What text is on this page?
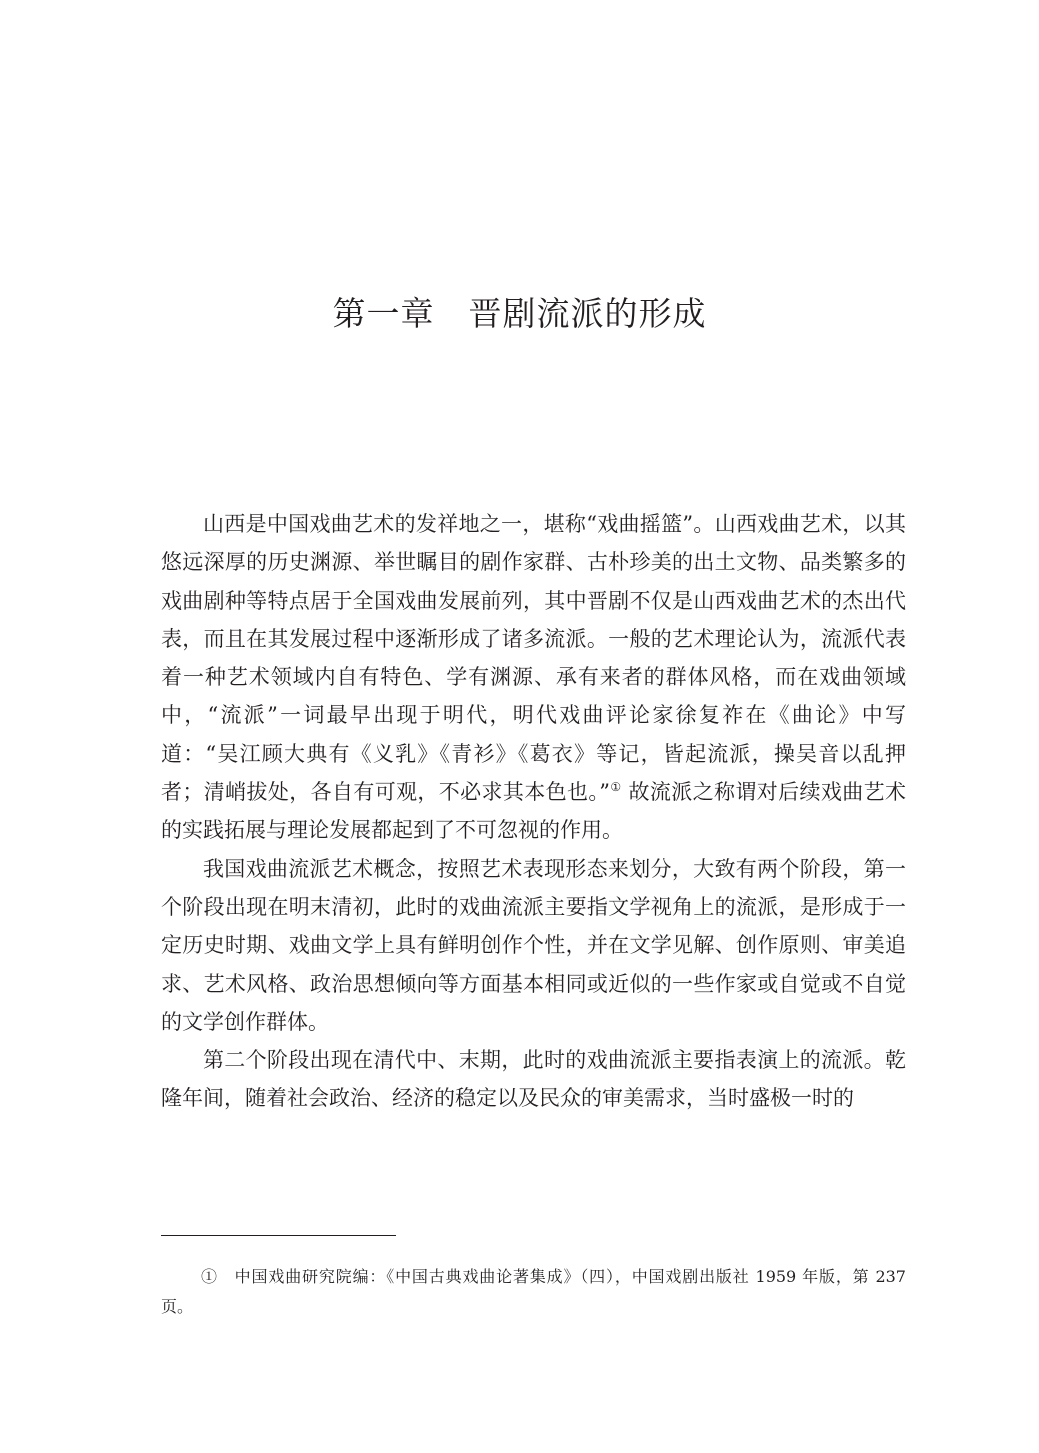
第一章　晋剧流派的形成

山西是中国戏曲艺术的发祥地之一，堪称“戏曲摇篮”。山西戏曲艺术，以其悠远深厚的历史渊源、举世瞩目的剧作家群、古朴珍美的出土文物、品类繁多的戏曲剧种等特点居于全国戏曲发展前列，其中晋剧不仅是山西戏曲艺术的杰出代表，而且在其发展过程中逐渐形成了诸多流派。一般的艺术理论认为，流派代表着一种艺术领域内自有特色、学有渊源、承有来者的群体风格，而在戏曲领域中，“流派”一词最早出现于明代，明代戏曲评论家徐复祚在《曲论》中写道：“吴江顾大典有《义乳》《青衫》《葛衣》等记，皆起流派，操吴音以乱押者；清峭拔处，各自有可观，不必求其本色也。”① 故流派之称谓对后续戏曲艺术的实践拓展与理论发展都起到了不可忽视的作用。

我国戏曲流派艺术概念，按照艺术表现形态来划分，大致有两个阶段，第一个阶段出现在明末清初，此时的戏曲流派主要指文学视角上的流派，是形成于一定历史时期、戏曲文学上具有鲜明创作个性，并在文学见解、创作原则、审美追求、艺术风格、政治思想倾向等方面基本相同或近似的一些作家或自觉或不自觉的文学创作群体。

第二个阶段出现在清代中、末期，此时的戏曲流派主要指表演上的流派。乾隆年间，随着社会政治、经济的稳定以及民众的审美需求，当时盛极一时的

①　中国戏曲研究院编：《中国古典戏曲论著集成》（四），中国戏剧出版社 1959 年版，第 237 页。
